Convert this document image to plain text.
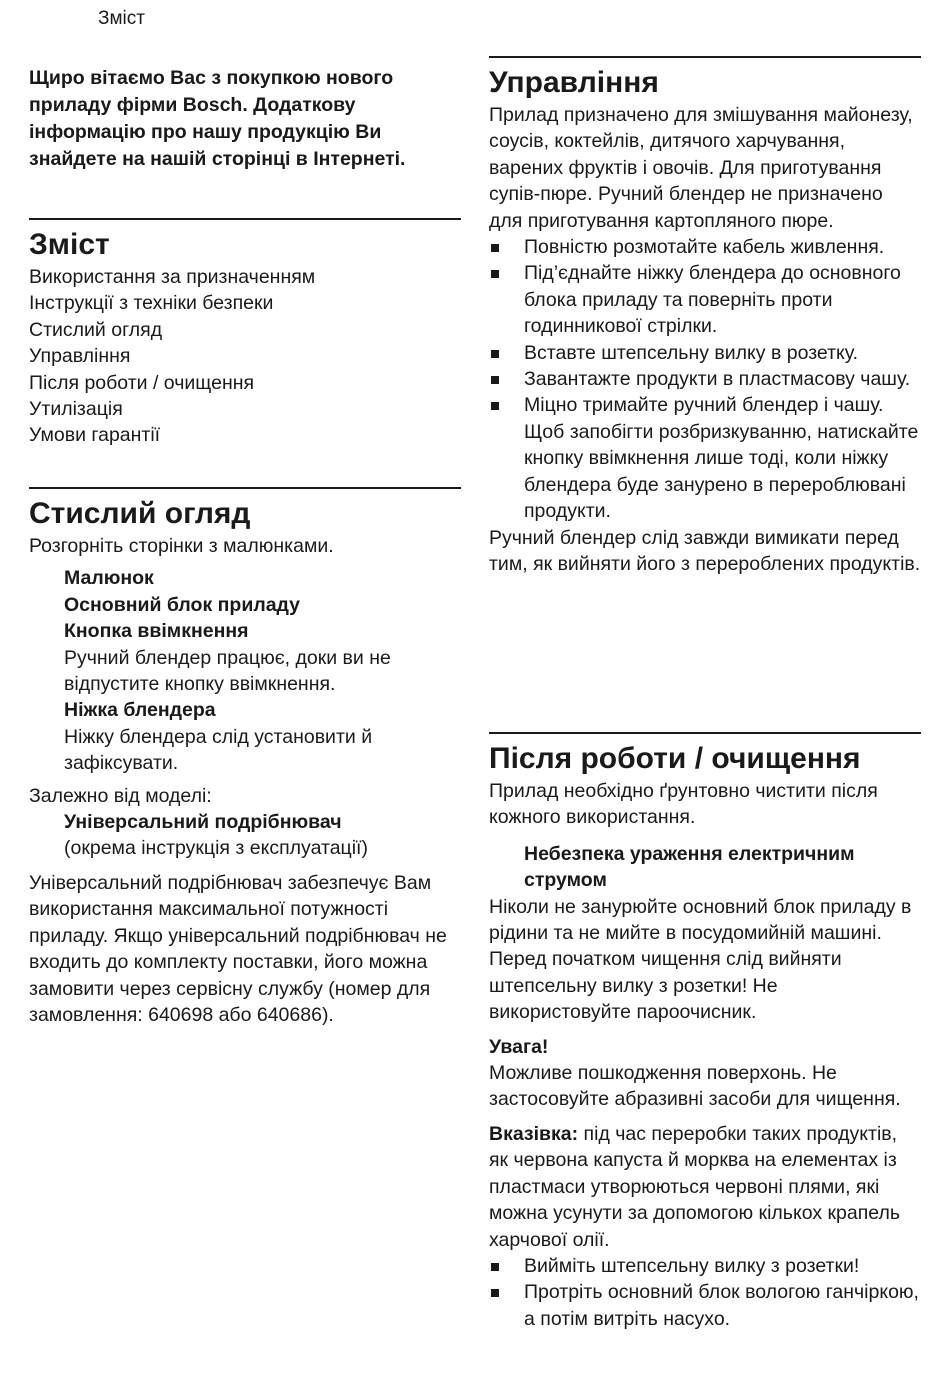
Зміст
Щиро вітаємо Вас з покупкою нового приладу фірми Bosch. Додаткову інформацію про нашу продукцію Ви знайдете на нашій сторінці в Інтернеті.
Зміст
Використання за призначенням
Інструкції з техніки безпеки
Стислий огляд
Управління
Після роботи / очищення
Утилізація
Умови гарантії
Стислий огляд

Розгорніть сторінки з малюнками.

Малюнок
Основний блок приладу
Кнопка ввімкнення
Ручний блендер працює, доки ви не відпустите кнопку ввімкнення.
Ніжка блендера
Ніжку блендера слід установити й зафіксувати.

Залежно від моделі:

Універсальний подрібнювач
(окрема інструкція з експлуатації)

Універсальний подрібнювач забезпечує Вам використання максимальної потужності приладу. Якщо універсальний подрібнювач не входить до комплекту поставки, його можна замовити через сервісну службу (номер для замовлення: 640698 або 640686).

Управління

Прилад призначено для змішування майонезу, соусів, коктейлів, дитячого харчування, варених фруктів і овочів. Для приготування супів-пюре. Ручний блендер не призначено для приготування картопляного пюре.

Повністю розмотайте кабель живлення.
Під’єднайте ніжку блендера до основного блока приладу та поверніть проти годинникової стрілки.
Вставте штепсельну вилку в розетку.
Завантажте продукти в пластмасову чашу.
Міцно тримайте ручний блендер і чашу.
Щоб запобігти розбризкуванню, натискайте кнопку ввімкнення лише тоді, коли ніжку блендера буде занурено в перероблювані продукти.

Ручний блендер слід завжди вимикати перед тим, як вийняти його з перероблених продуктів.

Після роботи / очищення

Прилад необхідно ґрунтовно чистити після кожного використання.

Небезпека ураження електричним струмом

Ніколи не занурюйте основний блок приладу в рідини та не мийте в посудомийній машині. Перед початком чищення слід вийняти штепсельну вилку з розетки! Не використовуйте пароочисник.

Увага!

Можливе пошкодження поверхонь. Не застосовуйте абразивні засоби для чищення.

Вказівка: під час переробки таких продуктів, як червона капуста й морква на елементах із пластмаси утворюються червоні плями, які можна усунути за допомогою кількох крапель харчової олії.

Вийміть штепсельну вилку з розетки!
Протріть основний блок вологою ганчіркою, а потім витріть насухо.
